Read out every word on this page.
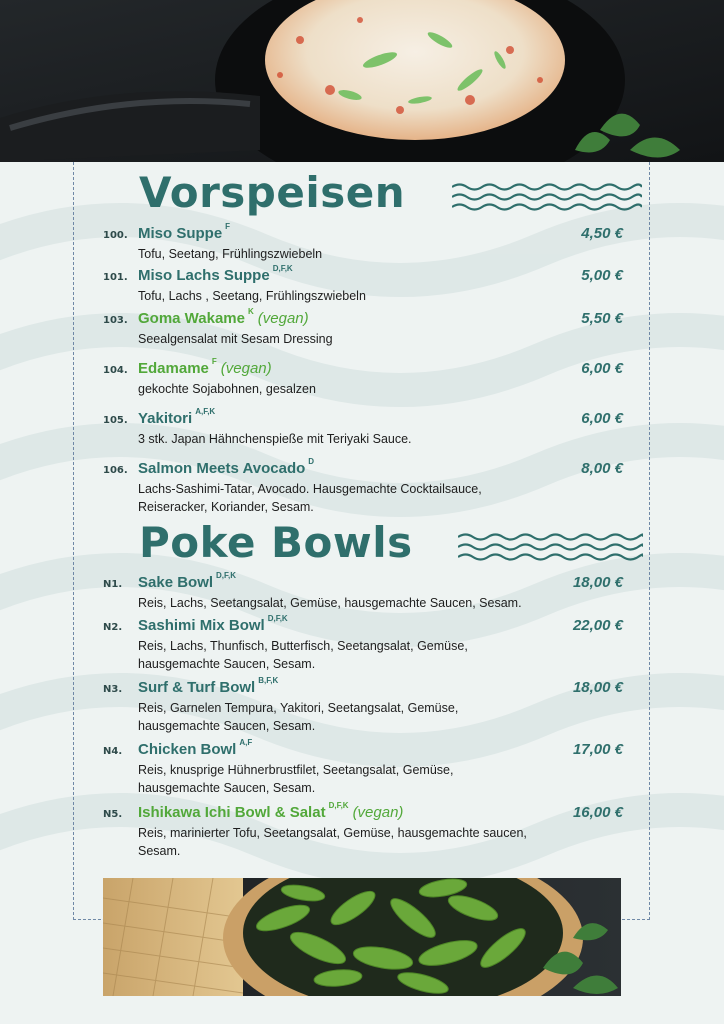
Vorspeisen
100. Miso Suppe $^F$	4,50 €
Tofu, Seetang, Frühlingszwiebeln
101. Miso Lachs Suppe $^{D,F,K}$	5,00 €
Tofu, Lachs , Seetang, Frühlingszwiebeln
103. Goma Wakame $^K$ (vegan)	5,50 €
Seealgensalat mit Sesam Dressing
104. Edamame $^F$ (vegan)	6,00 €
gekochte Sojabohnen, gesalzen
105. Yakitori $^{A,F,K}$	6,00 €
3 stk. Japan Hähnchenspieße mit Teriyaki Sauce.
106. Salmon Meets Avocado $^D$	8,00 €
Lachs-Sashimi-Tatar, Avocado. Hausgemachte Cocktailsauce, Reiseracker, Koriander, Sesam.
Poke Bowls
N1. Sake Bowl $^{D,F,K}$	18,00 €
Reis, Lachs, Seetangsalat, Gemüse, hausgemachte Saucen, Sesam.
N2. Sashimi Mix Bowl $^{D,F,K}$	22,00 €
Reis, Lachs, Thunfisch, Butterfisch, Seetangsalat, Gemüse, hausgemachte Saucen, Sesam.
N3. Surf & Turf Bowl $^{B,F,K}$	18,00 €
Reis, Garnelen Tempura, Yakitori, Seetangsalat, Gemüse, hausgemachte Saucen, Sesam.
N4. Chicken Bowl $^{A,F}$	17,00 €
Reis, knusprige Hühnerbrustfilet, Seetangsalat, Gemüse, hausgemachte Saucen, Sesam.
N5. Ishikawa Ichi Bowl & Salat $^{D,F,K}$ (vegan)	16,00 €
Reis, marinierter Tofu, Seetangsalat, Gemüse, hausgemachte saucen, Sesam.
